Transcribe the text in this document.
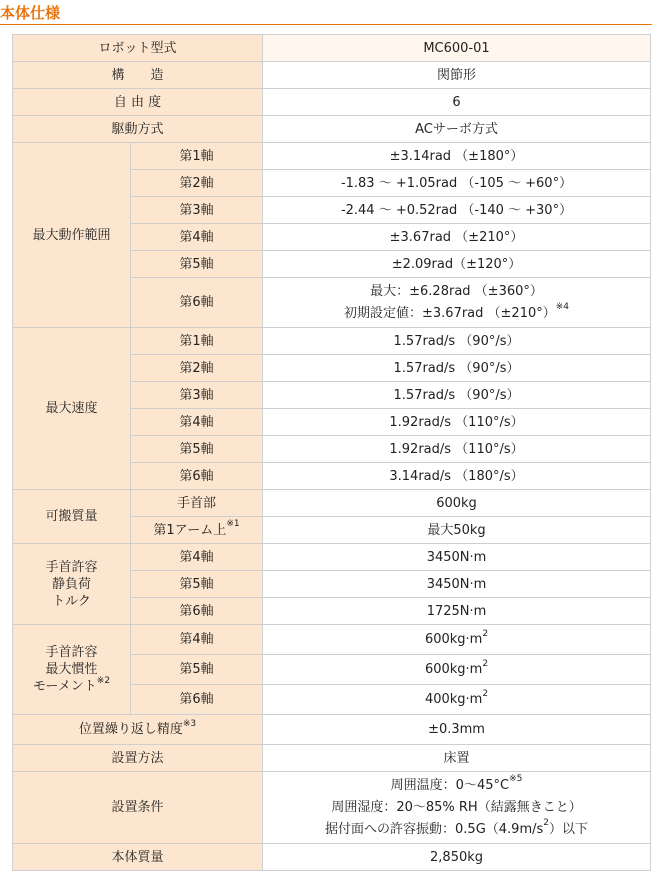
本体仕様
ロボット型式		MC600-01
構　　造		関節形
自 由 度		6
駆動方式		ACサーボ方式
最大動作範囲	第1軸	±3.14rad （±180°）
	第2軸	-1.83 〜 +1.05rad （-105 〜 +60°）
	第3軸	-2.44 〜 +0.52rad （-140 〜 +30°）
	第4軸	±3.67rad （±210°）
	第5軸	±2.09rad（±120°）
	第6軸	最大：±6.28rad （±360°）
初期設定値：±3.67rad $(\pm 210^\circ)^{※4}$

最大速度	第1軸	1.57rad/s （90°/s）
	第2軸	1.57rad/s （90°/s）
	第3軸	1.57rad/s （90°/s）
	第4軸	1.92rad/s （110°/s）
	第5軸	1.92rad/s （110°/s）
	第6軸	3.14rad/s （180°/s）
可搬質量	手首部	600kg
	第1アーム上$^{※1}$	最大50kg

手首許容
静負荷
トルク	第4軸	3450N·m
	第5軸	3450N·m
	第6軸	1725N·m

手首許容
最大慣性
モーメント$^{※2}$	第4軸	$600kg\cdot m^2$
	第5軸	$600kg\cdot m^2$
	第6軸	$400kg\cdot m^2$
位置繰り返し精度$^{※3}$		±0.3mm
設置方法		床置
設置条件		周囲温度：0〜$45^\circ C^{※5}$
周囲湿度：20〜85% RH（結露無きこと）
据付面への許容振動：$0.5G(4.9m/s^2)$以下

本体質量		2,850kg
